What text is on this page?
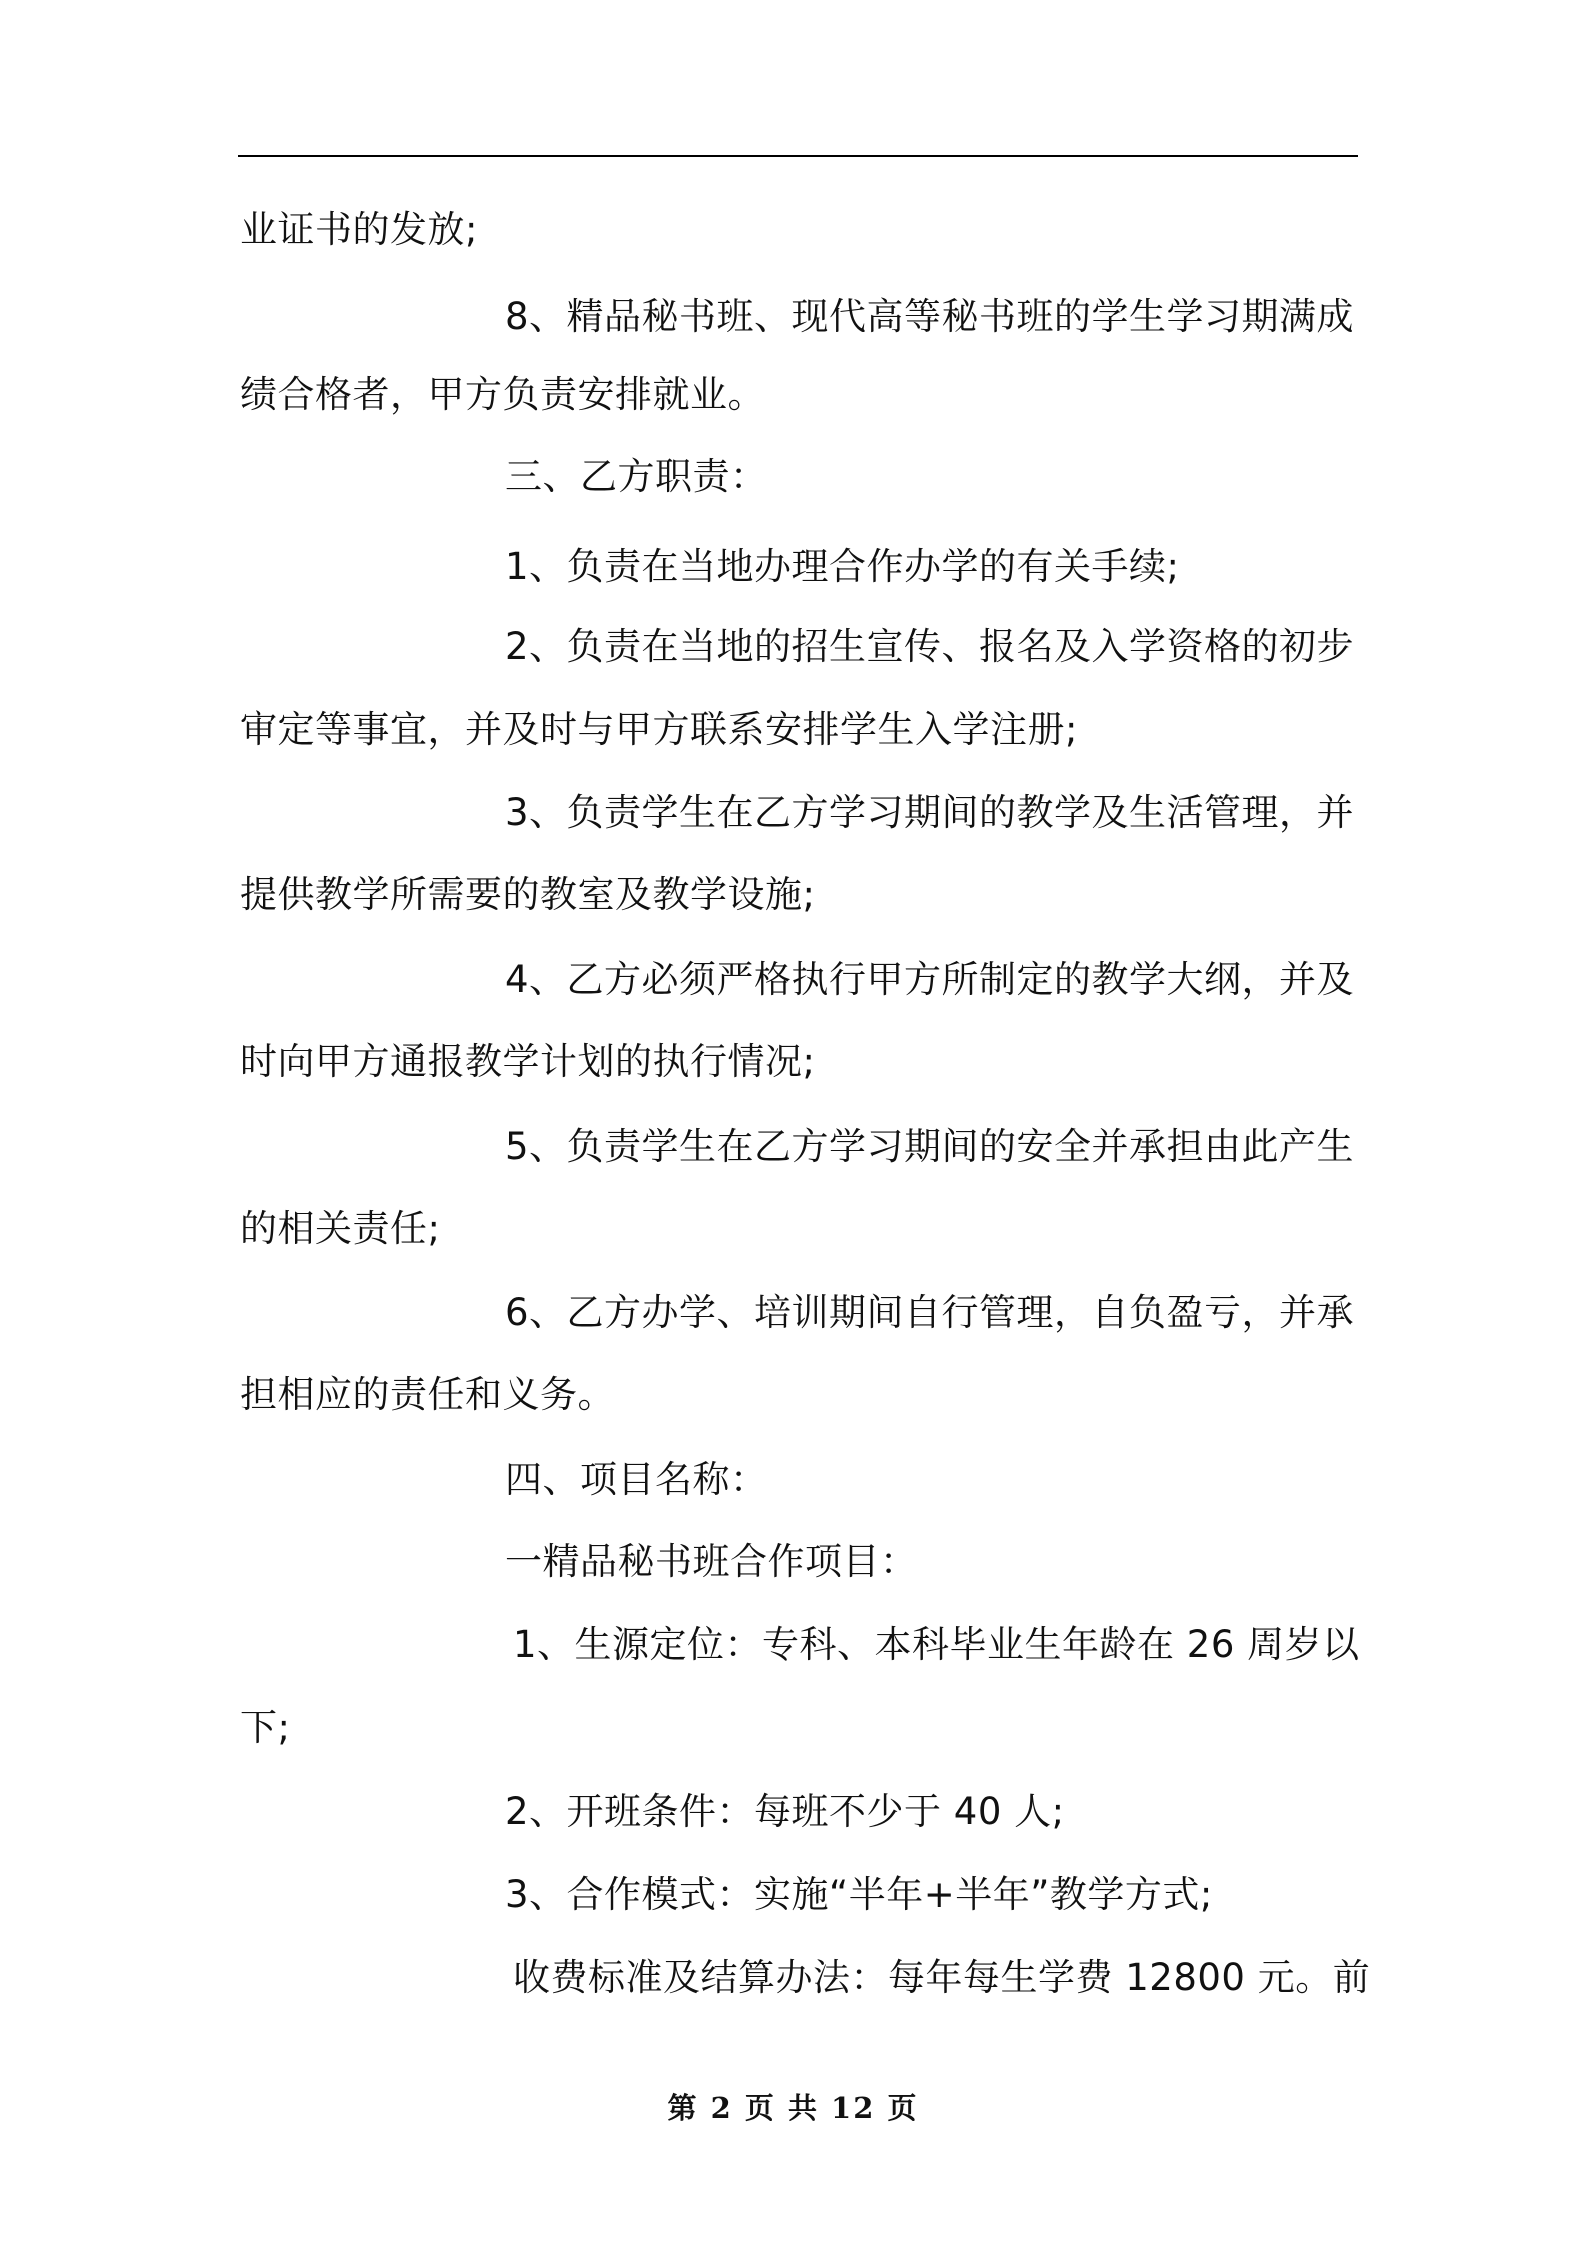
业证书的发放;
8、精品秘书班、现代高等秘书班的学生学习期满成
绩合格者，甲方负责安排就业。
三、乙方职责：
1、负责在当地办理合作办学的有关手续;
2、负责在当地的招生宣传、报名及入学资格的初步
审定等事宜，并及时与甲方联系安排学生入学注册;
3、负责学生在乙方学习期间的教学及生活管理，并
提供教学所需要的教室及教学设施;
4、乙方必须严格执行甲方所制定的教学大纲，并及
时向甲方通报教学计划的执行情况;
5、负责学生在乙方学习期间的安全并承担由此产生
的相关责任;
6、乙方办学、培训期间自行管理，自负盈亏，并承
担相应的责任和义务。
四、项目名称：
一精品秘书班合作项目：
1、生源定位：专科、本科毕业生年龄在 26 周岁以
下;
2、开班条件：每班不少于 40 人;
3、合作模式：实施“半年+半年”教学方式;
收费标准及结算办法：每年每生学费 12800 元。前
第 2 页 共 12 页
